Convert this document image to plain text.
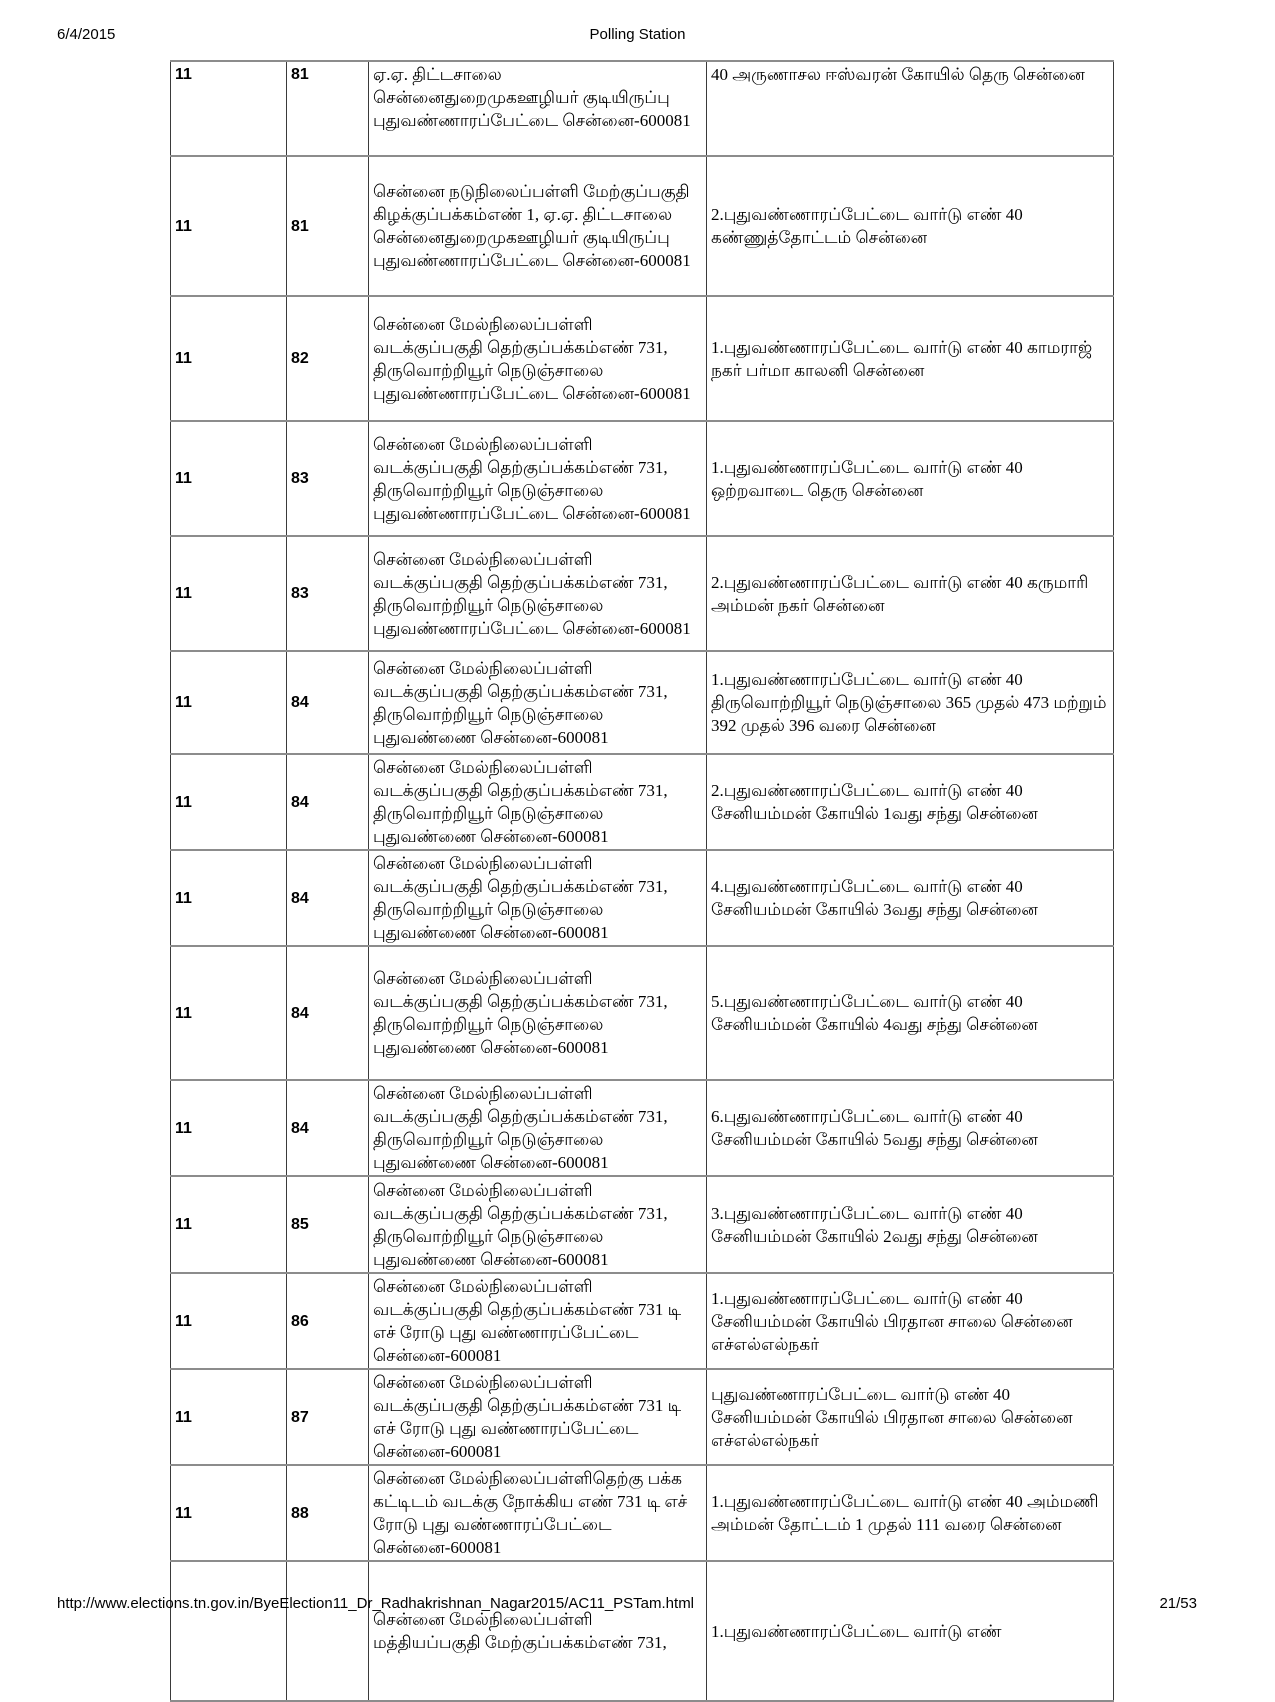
6/4/2015	Polling Station
11	81	ஏ.ஏ. திட்டசாலை சென்னைதுறைமுகஊழியர் குடியிருப்பு புதுவண்ணாரப்பேட்டை சென்னை-600081	40 அருணாசல ஈஸ்வரன் கோயில் தெரு சென்னை
11	81	சென்னை நடுநிலைப்பள்ளி மேற்குப்பகுதி கிழக்குப்பக்கம்எண் 1, ஏ.ஏ. திட்டசாலை சென்னைதுறைமுகஊழியர் குடியிருப்பு புதுவண்ணாரப்பேட்டை சென்னை-600081	2.புதுவண்ணாரப்பேட்டை வார்டு எண் 40 கண்ணுத்தோட்டம் சென்னை
11	82	சென்னை மேல்நிலைப்பள்ளி வடக்குப்பகுதி தெற்குப்பக்கம்எண் 731, திருவொற்றியூர் நெடுஞ்சாலை புதுவண்ணாரப்பேட்டை சென்னை-600081	1.புதுவண்ணாரப்பேட்டை வார்டு எண் 40 காமராஜ் நகர் பர்மா காலனி சென்னை
11	83	சென்னை மேல்நிலைப்பள்ளி வடக்குப்பகுதி தெற்குப்பக்கம்எண் 731, திருவொற்றியூர் நெடுஞ்சாலை புதுவண்ணாரப்பேட்டை சென்னை-600081	1.புதுவண்ணாரப்பேட்டை வார்டு எண் 40 ஒற்றவாடை தெரு சென்னை
11	83	சென்னை மேல்நிலைப்பள்ளி வடக்குப்பகுதி தெற்குப்பக்கம்எண் 731, திருவொற்றியூர் நெடுஞ்சாலை புதுவண்ணாரப்பேட்டை சென்னை-600081	2.புதுவண்ணாரப்பேட்டை வார்டு எண் 40 கருமாரி அம்மன் நகர் சென்னை
11	84	சென்னை மேல்நிலைப்பள்ளி வடக்குப்பகுதி தெற்குப்பக்கம்எண் 731, திருவொற்றியூர் நெடுஞ்சாலை புதுவண்ணை சென்னை-600081	1.புதுவண்ணாரப்பேட்டை வார்டு எண் 40 திருவொற்றியூர் நெடுஞ்சாலை 365 முதல் 473 மற்றும் 392 முதல் 396 வரை சென்னை
11	84	சென்னை மேல்நிலைப்பள்ளி வடக்குப்பகுதி தெற்குப்பக்கம்எண் 731, திருவொற்றியூர் நெடுஞ்சாலை புதுவண்ணை சென்னை-600081	2.புதுவண்ணாரப்பேட்டை வார்டு எண் 40 சேனியம்மன் கோயில் 1வது சந்து சென்னை
11	84	சென்னை மேல்நிலைப்பள்ளி வடக்குப்பகுதி தெற்குப்பக்கம்எண் 731, திருவொற்றியூர் நெடுஞ்சாலை புதுவண்ணை சென்னை-600081	4.புதுவண்ணாரப்பேட்டை வார்டு எண் 40 சேனியம்மன் கோயில் 3வது சந்து சென்னை
11	84	சென்னை மேல்நிலைப்பள்ளி வடக்குப்பகுதி தெற்குப்பக்கம்எண் 731, திருவொற்றியூர் நெடுஞ்சாலை புதுவண்ணை சென்னை-600081	5.புதுவண்ணாரப்பேட்டை வார்டு எண் 40 சேனியம்மன் கோயில் 4வது சந்து சென்னை
11	84	சென்னை மேல்நிலைப்பள்ளி வடக்குப்பகுதி தெற்குப்பக்கம்எண் 731, திருவொற்றியூர் நெடுஞ்சாலை புதுவண்ணை சென்னை-600081	6.புதுவண்ணாரப்பேட்டை வார்டு எண் 40 சேனியம்மன் கோயில் 5வது சந்து சென்னை
11	85	சென்னை மேல்நிலைப்பள்ளி வடக்குப்பகுதி தெற்குப்பக்கம்எண் 731, திருவொற்றியூர் நெடுஞ்சாலை புதுவண்ணை சென்னை-600081	3.புதுவண்ணாரப்பேட்டை வார்டு எண் 40 சேனியம்மன் கோயில் 2வது சந்து சென்னை
11	86	சென்னை மேல்நிலைப்பள்ளி வடக்குப்பகுதி தெற்குப்பக்கம்எண் 731 டி எச் ரோடு புது வண்ணாரப்பேட்டை சென்னை-600081	1.புதுவண்ணாரப்பேட்டை வார்டு எண் 40 சேனியம்மன் கோயில் பிரதான சாலை சென்னை எச்எல்எல்நகர்
11	87	சென்னை மேல்நிலைப்பள்ளி வடக்குப்பகுதி தெற்குப்பக்கம்எண் 731 டி எச் ரோடு புது வண்ணாரப்பேட்டை சென்னை-600081	புதுவண்ணாரப்பேட்டை வார்டு எண் 40 சேனியம்மன் கோயில் பிரதான சாலை சென்னை எச்எல்எல்நகர்
11	88	சென்னை மேல்நிலைப்பள்ளிதெற்கு பக்க கட்டிடம் வடக்கு நோக்கிய எண் 731 டி எச் ரோடு புது வண்ணாரப்பேட்டை சென்னை-600081	1.புதுவண்ணாரப்பேட்டை வார்டு எண் 40 அம்மணி அம்மன் தோட்டம் 1 முதல் 111 வரை சென்னை
		சென்னை மேல்நிலைப்பள்ளி மத்தியப்பகுதி மேற்குப்பக்கம்எண் 731,	1.புதுவண்ணாரப்பேட்டை வார்டு எண்
http://www.elections.tn.gov.in/ByeElection11_Dr_Radhakrishnan_Nagar2015/AC11_PSTam.html	21/53
